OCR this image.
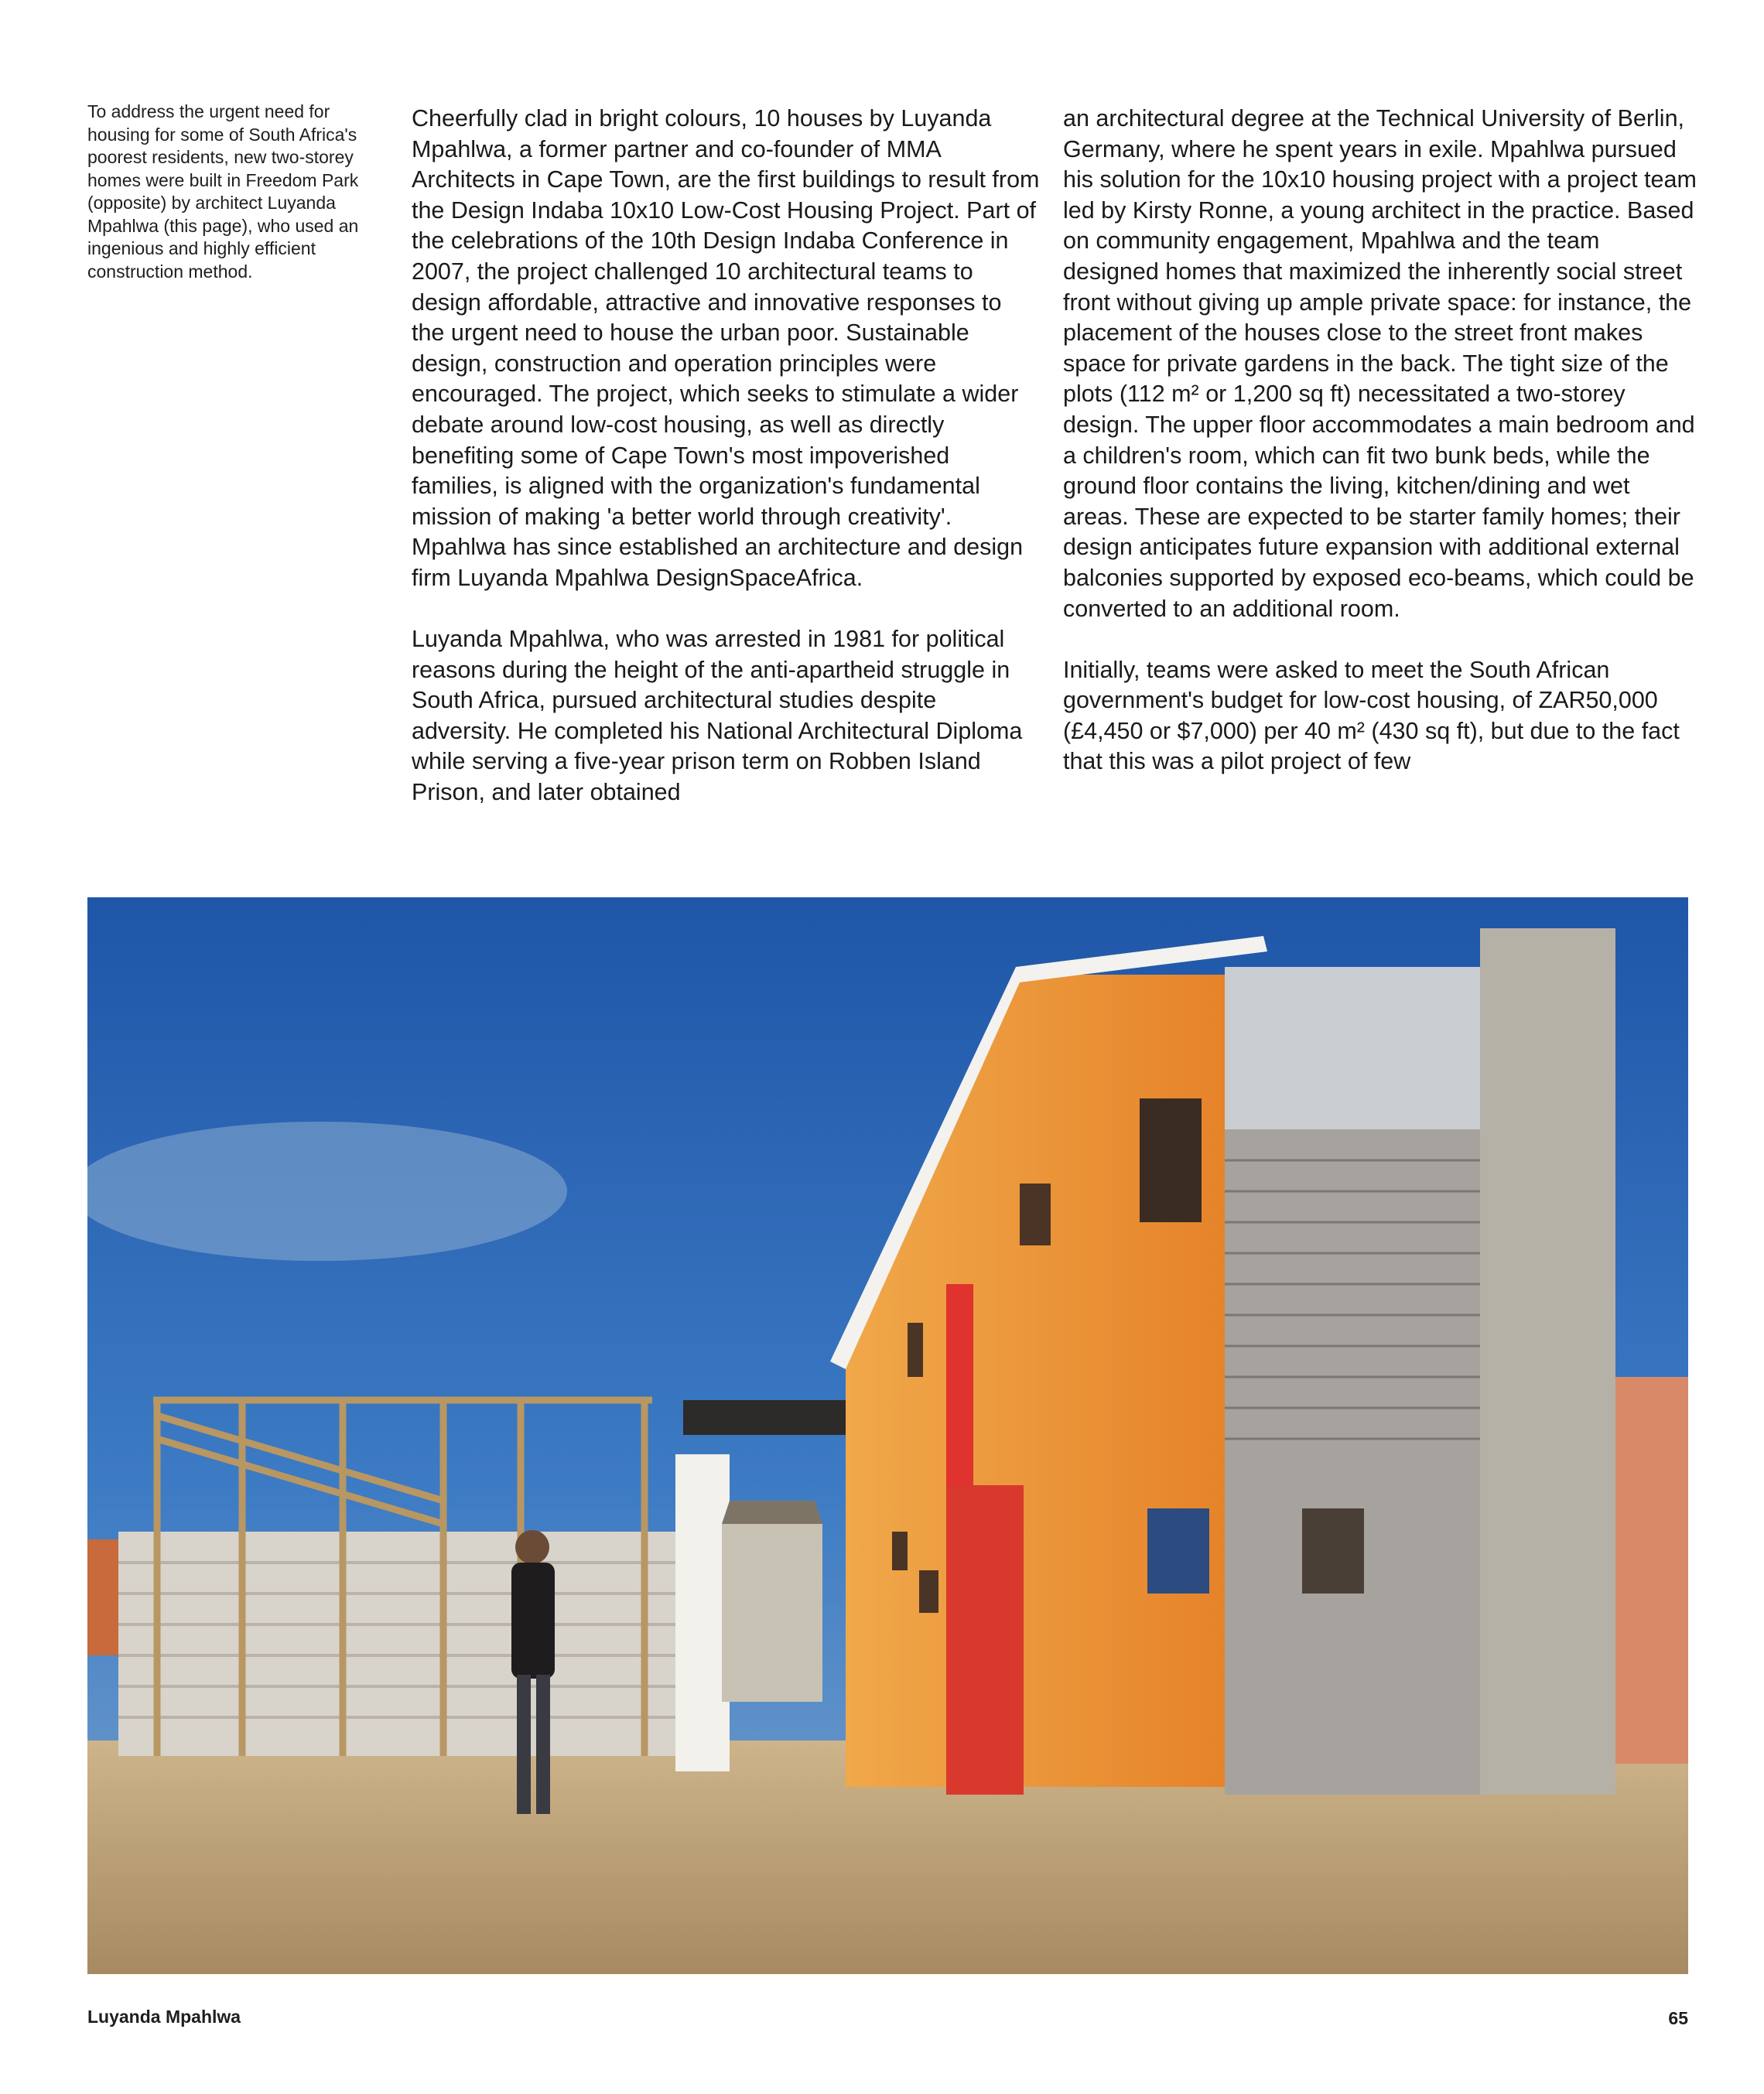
To address the urgent need for housing for some of South Africa's poorest residents, new two-storey homes were built in Freedom Park (opposite) by architect Luyanda Mpahlwa (this page), who used an ingenious and highly efficient construction method.

Cheerfully clad in bright colours, 10 houses by Luyanda Mpahlwa, a former partner and co-founder of MMA Architects in Cape Town, are the first buildings to result from the Design Indaba 10x10 Low-Cost Housing Project. Part of the celebrations of the 10th Design Indaba Conference in 2007, the project challenged 10 architectural teams to design affordable, attractive and innovative responses to the urgent need to house the urban poor. Sustainable design, construction and operation principles were encouraged. The project, which seeks to stimulate a wider debate around low-cost housing, as well as directly benefiting some of Cape Town's most impoverished families, is aligned with the organization's fundamental mission of making 'a better world through creativity'. Mpahlwa has since established an architecture and design firm Luyanda Mpahlwa DesignSpaceAfrica.

Luyanda Mpahlwa, who was arrested in 1981 for political reasons during the height of the anti-apartheid struggle in South Africa, pursued architectural studies despite adversity. He completed his National Architectural Diploma while serving a five-year prison term on Robben Island Prison, and later obtained

an architectural degree at the Technical University of Berlin, Germany, where he spent years in exile. Mpahlwa pursued his solution for the 10x10 housing project with a project team led by Kirsty Ronne, a young architect in the practice. Based on community engagement, Mpahlwa and the team designed homes that maximized the inherently social street front without giving up ample private space: for instance, the placement of the houses close to the street front makes space for private gardens in the back. The tight size of the plots (112 m² or 1,200 sq ft) necessitated a two-storey design. The upper floor accommodates a main bedroom and a children's room, which can fit two bunk beds, while the ground floor contains the living, kitchen/dining and wet areas. These are expected to be starter family homes; their design anticipates future expansion with additional external balconies supported by exposed eco-beams, which could be converted to an additional room.

Initially, teams were asked to meet the South African government's budget for low-cost housing, of ZAR50,000 (£4,450 or $7,000) per 40 m² (430 sq ft), but due to the fact that this was a pilot project of few

Luyanda Mpahlwa	65
